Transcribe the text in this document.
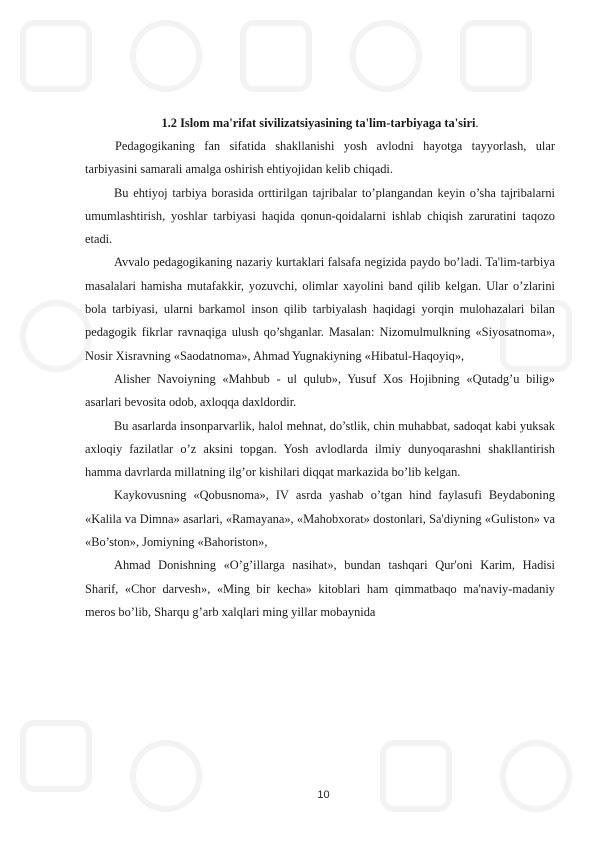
1.2 Islom ma'rifat sivilizatsiyasining ta'lim-tarbiyaga ta'siri.

Pedagogikaning fan sifatida shakllanishi yosh avlodni hayotga tayyorlash, ular tarbiyasini samarali amalga oshirish ehtiyojidan kelib chiqadi.

Bu ehtiyoj tarbiya borasida orttirilgan tajribalar to’plangandan keyin o’sha tajribalarni umumlashtirish, yoshlar tarbiyasi haqida qonun-qoidalarni ishlab chiqish zaruratini taqozo etadi.

Avvalo pedagogikaning nazariy kurtaklari falsafa negizida paydo bo’ladi. Ta'lim-tarbiya masalalari hamisha mutafakkir, yozuvchi, olimlar xayolini band qilib kelgan. Ular o’zlarini bola tarbiyasi, ularni barkamol inson qilib tarbiyalash haqidagi yorqin mulohazalari bilan pedagogik fikrlar ravnaqiga ulush qo’shganlar. Masalan: Nizomulmulkning «Siyosatnoma», Nosir Xisravning «Saodatnoma», Ahmad Yugnakiyning «Hibatul-Haqoyiq»,

Alisher Navoiyning «Mahbub - ul qulub», Yusuf Xos Hojibning «Qutadg’u bilig» asarlari bevosita odob, axloqqa daxldordir.

Bu asarlarda insonparvarlik, halol mehnat, do’stlik, chin muhabbat, sadoqat kabi yuksak axloqiy fazilatlar o’z aksini topgan. Yosh avlodlarda ilmiy dunyoqarashni shakllantirish hamma davrlarda millatning ilg’or kishilari diqqat markazida bo’lib kelgan.

Kaykovusning «Qobusnoma», IV asrda yashab o’tgan hind faylasufi Beydaboning «Kalila va Dimna» asarlari, «Ramayana», «Mahobxorat» dostonlari, Sa'diyning «Guliston» va «Bo’ston», Jomiyning «Bahoriston»,

Ahmad Donishning «O’g’illarga nasihat», bundan tashqari Qur'oni Karim, Hadisi Sharif, «Chor darvesh», «Ming bir kecha» kitoblari ham qimmatbaqo ma'naviy-madaniy meros bo’lib, Sharqu g’arb xalqlari ming yillar mobaynida

10
